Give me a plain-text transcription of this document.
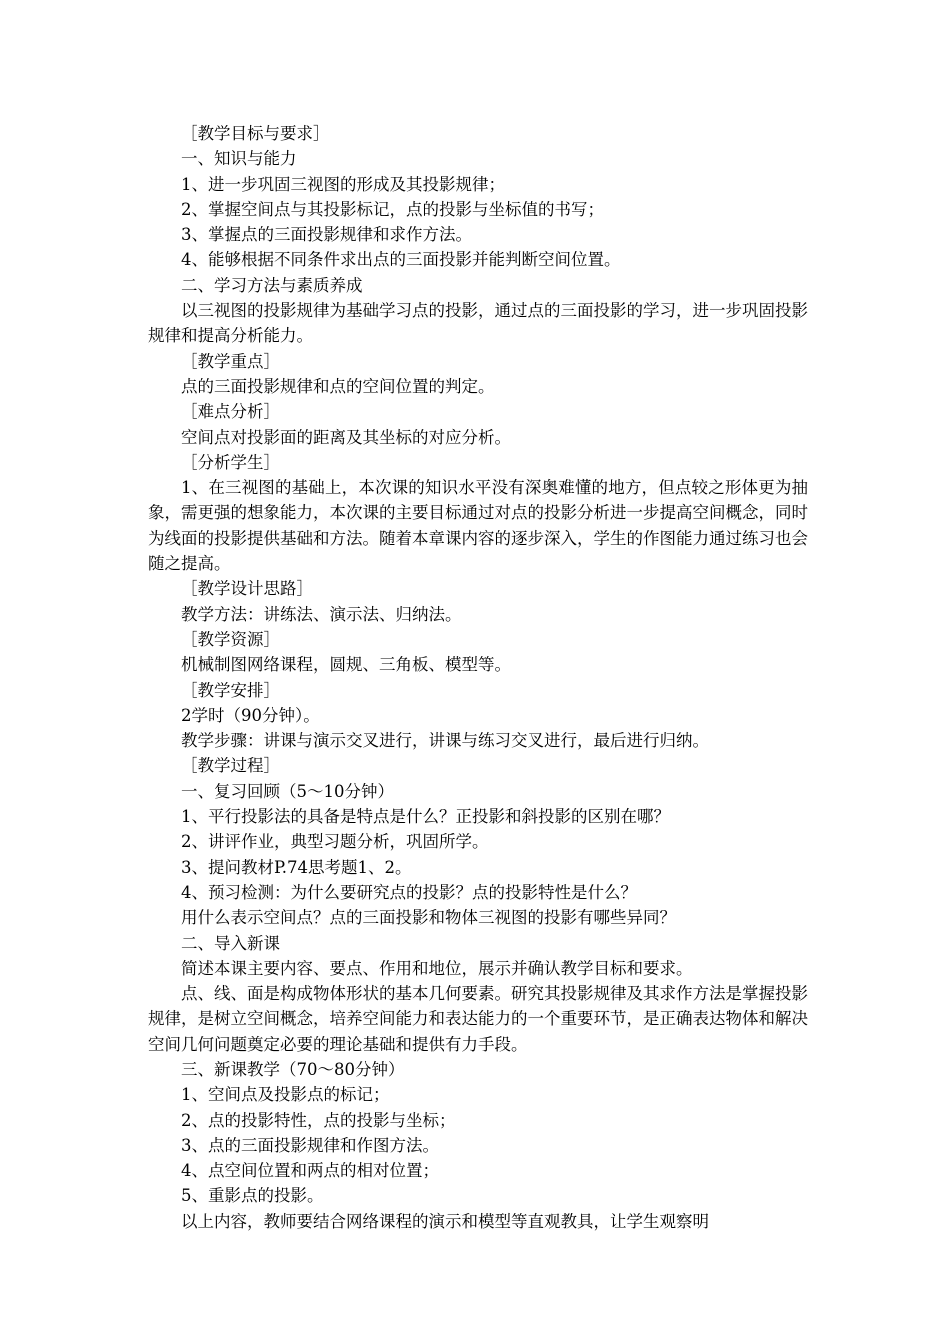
［教学目标与要求］

一、知识与能力

1、进一步巩固三视图的形成及其投影规律；

2、掌握空间点与其投影标记，点的投影与坐标值的书写；

3、掌握点的三面投影规律和求作方法。

4、能够根据不同条件求出点的三面投影并能判断空间位置。

二、学习方法与素质养成

以三视图的投影规律为基础学习点的投影，通过点的三面投影的学习，进一步巩固投影规律和提高分析能力。

［教学重点］

点的三面投影规律和点的空间位置的判定。

［难点分析］

空间点对投影面的距离及其坐标的对应分析。

［分析学生］

1、在三视图的基础上，本次课的知识水平没有深奥难懂的地方，但点较之形体更为抽象，需更强的想象能力，本次课的主要目标通过对点的投影分析进一步提高空间概念，同时为线面的投影提供基础和方法。随着本章课内容的逐步深入，学生的作图能力通过练习也会随之提高。

［教学设计思路］

教学方法：讲练法、演示法、归纳法。

［教学资源］

机械制图网络课程，圆规、三角板、模型等。

［教学安排］

2学时（90分钟）。

教学步骤：讲课与演示交叉进行，讲课与练习交叉进行，最后进行归纳。

［教学过程］

一、复习回顾（5～10分钟）

1、平行投影法的具备是特点是什么？正投影和斜投影的区别在哪？

2、讲评作业，典型习题分析，巩固所学。

3、提问教材P.74思考题1、2。

4、预习检测：为什么要研究点的投影？点的投影特性是什么？

用什么表示空间点？点的三面投影和物体三视图的投影有哪些异同？

二、导入新课

简述本课主要内容、要点、作用和地位，展示并确认教学目标和要求。

点、线、面是构成物体形状的基本几何要素。研究其投影规律及其求作方法是掌握投影规律，是树立空间概念，培养空间能力和表达能力的一个重要环节，是正确表达物体和解决空间几何问题奠定必要的理论基础和提供有力手段。

三、新课教学（70～80分钟）

1、空间点及投影点的标记；

2、点的投影特性，点的投影与坐标；

3、点的三面投影规律和作图方法。

4、点空间位置和两点的相对位置；

5、重影点的投影。

以上内容，教师要结合网络课程的演示和模型等直观教具，让学生观察明
